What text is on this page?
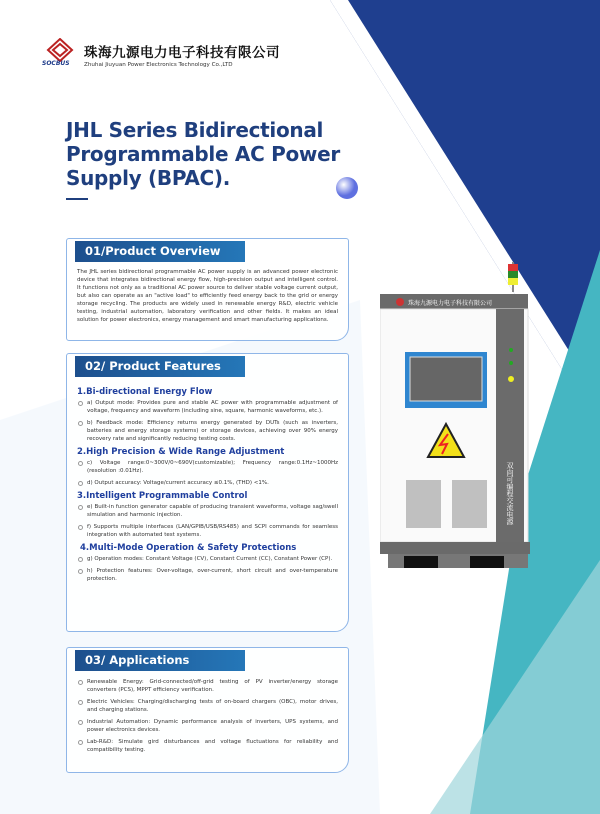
SOCBUS
珠海九源电力电子科技有限公司
Zhuhai Jiuyuan Power Electronics Technology Co.,LTD
JHL Series Bidirectional Programmable AC Power Supply (BPAC).
01/Product Overview
The JHL series bidirectional programmable AC power supply is an advanced power electronic device that integrates bidirectional energy flow, high-precision output and intelligent control. It functions not only as a traditional AC power source to deliver stable voltage current output, but also can operate as an "active load" to efficiently feed energy back to the grid or energy storage recycling. The products are widely used in renewable energy R&D, electric vehicle testing, industrial automation, laboratory verification and other fields. It makes an ideal solution for power electronics, energy management and smart manufacturing applications.
02/ Product Features
1.Bi-directional Energy Flow
a) Output mode: Provides pure and stable AC power with programmable adjustment of voltage, frequency and waveform (including sine, square, harmonic waveforms, etc.).
b) Feedback mode: Efficiency returns energy generated by DUTs (such as inverters, batteries and energy storage systems) or storage devices, achieving over 90% energy recovery rate and significantly reducing testing costs.
2.High Precision & Wide Range Adjustment
c) Voltage range:0~300V/0~690V(customizable); Frequency range:0.1Hz~1000Hz (resolution :0.01Hz).
d) Output accuracy: Voltage/current accuracy ≤0.1%, (THD) <1%.
3.Intelligent Programmable Control
e) Built-in function generator capable of producing transient waveforms, voltage sag/swell simulation and harmonic injection.
f) Supports multiple interfaces (LAN/GPIB/USB/RS485) and SCPI commands for seamless integration with automated test systems.
4.Multi-Mode Operation & Safety Protections
g) Operation modes: Constant Voltage (CV), Constant Current (CC), Constant Power (CP).
h) Protection features: Over-voltage, over-current, short circuit and over-temperature protection.
03/ Applications
Renewable Energy: Grid-connected/off-grid testing of PV inverter/energy storage converters (PCS), MPPT efficiency verification.
Electric Vehicles: Charging/discharging tests of on-board chargers (OBC), motor drives, and charging stations.
Industrial Automation: Dynamic performance analysis of inverters, UPS systems, and power electronics devices.
Lab-R&D: Simulate gird disturbances and voltage fluctuations for reliability and compatibility testing.
珠海九源电力电子科技有限公司
双向可编程交流电源
